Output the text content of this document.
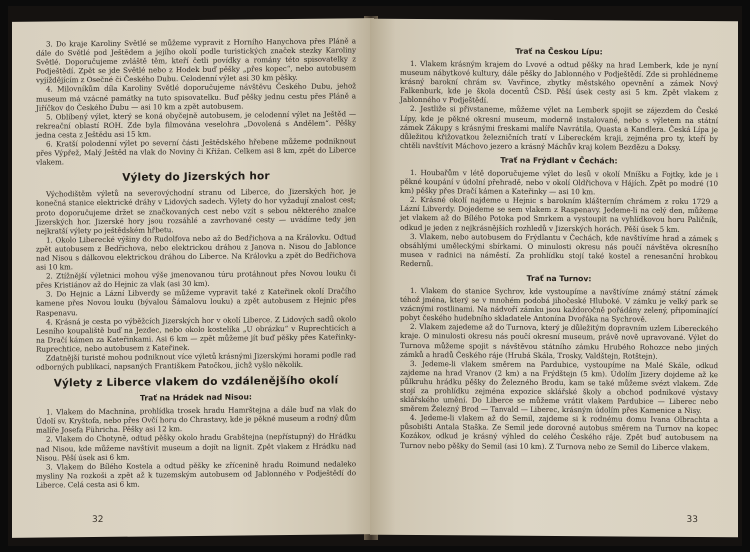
3. Do kraje Karoliny Světlé se můžeme vypravit z Horního Hanychova přes Pláně a dále do Světlé pod Ještědem a jejího okolí podle turistických značek stezky Karoliny Světlé. Doporučujeme zvláště těm, kteří četli povídky a romány této spisovatelky z Podještědí. Zpět se jde Světlé nebo z Hodek buď pěšky „přes kopec“, nebo autobusem vyjíždějícím z Osečné či Českého Dubu. Celodenní výlet asi 30 km pěšky.

4. Milovníkům díla Karoliny Světlé doporučujeme návštěvu Českého Dubu, jehož museum má vzácné památky na tuto spisovatelku. Buď pěšky jednu cestu přes Pláně a Jiříčkov do Českého Dubu — asi 10 km a zpět autobusem.

5. Oblíbený výlet, který se koná obyčejně autobusem, je celodenní výlet na Ještěd — rekreační oblastí ROH. Zde byla filmována veselohra „Dovolená s Andělem“. Pěšky jedna cesta z Ještědu asi 15 km.

6. Kratší polodenní výlet po severní části Ještědského hřebene můžeme podniknout přes Výpřež, Malý Ještěd na vlak do Noviny či Křižan. Celkem asi 8 km, zpět do Liberce vlakem.

Výlety do Jizerských hor

Východištěm výletů na severovýchodní stranu od Liberce, do Jizerských hor, je konečná stanice elektrické dráhy v Lidových sadech. Výlety do hor vyžadují znalost cest; proto doporučujeme držet se značkovaných cest nebo vzít s sebou některého znalce Jizerských hor. Jizerské hory jsou rozsáhlé a zavrhované cesty — uvádíme tedy jen nejkratší výlety po ještědském hřbetu.

1. Okolo Liberecké výšiny do Rudolfova nebo až do Bedřichova a na Královku. Odtud zpět autobusem z Bedřichova, nebo elektrickou dráhou z Janova n. Nisou do Jablonce nad Nisou s dálkovou elektrickou dráhou do Liberce. Na Královku a zpět do Bedřichova asi 10 km.

2. Ztížnější výletnici mohou výše jmenovanou túru protáhnout přes Novou louku či přes Kristiánov až do Hejnic za vlak (asi 30 km).

3. Do Hejnic a Lázní Libverdy se můžeme vypravit také z Kateřinek okolí Dračího kamene přes Novou louku (bývalou Šámalovu louku) a zpět autobusem z Hejnic přes Raspenavu.

4. Krásná je cesta po výběžcích Jizerských hor v okolí Liberce. Z Lidových sadů okolo Lesního koupaliště buď na Jezdec, nebo okolo kostelíka „U obrázku“ v Ruprechticích a na Dračí kámen za Kateřinkami. Asi 6 km — zpět můžeme jít buď pěšky přes Kateřinky-Ruprechtice, nebo autobusem z Kateřinek.

Zdatnější turisté mohou podniknout více výletů krásnými Jizerskými horami podle rad odborných publikací, napsaných Františkem Patočkou, jichž vyšlo několik.

Výlety z Liberce vlakem do vzdálenějšího okolí
Trať na Hrádek nad Nisou:

1. Vlakem do Machnína, prohlídka trosek hradu Hamrštejna a dále buď na vlak do Údolí sv. Kryštofa, nebo přes Ovčí horu do Chrastavy, kde je pěkné museum a rodný dům malíře Josefa Führicha. Pěšky asi 12 km.

2. Vlakem do Chotyně, odtud pěšky okolo hradu Grabštejna (nepřístupný) do Hrádku nad Nisou, kde můžeme navštívit museum a dojít na lignit. Zpět vlakem z Hrádku nad Nisou. Pěší úsek asi 6 km.

3. Vlakem do Bílého Kostela a odtud pěšky ke zřícenině hradu Roimund nedaleko mysliny Na rozkoši a zpět až k tuzemským autobusem od Jablonného v Podještědí do Liberce. Celá cesta asi 6 km.

32
Trať na Českou Lípu:

1. Vlakem krásným krajem do Lvové a odtud pěšky na hrad Lemberk, kde je nyní museum nábytkové kultury, dále pěšky do Jablonného v Podještědí. Zde si prohlédneme krásný barokní chrám sv. Vavřince, zbytky městského opevnění a zámek Nový Falkenburk, kde je škola docentů ČSD. Pěší úsek cesty asi 5 km. Zpět vlakem z Jablonného v Podještědí.

2. Jestliže si přivstaneme, můžeme výlet na Lemberk spojit se zájezdem do České Lípy, kde je pěkné okresní museum, moderně instalované, nebo s výletem na státní zámek Zákupy s krásnými freskami malíře Navrátila, Quasta a Kandlera. Česká Lípa je důležitou křižovatkou železničních tratí v Libereckém kraji, zejména pro ty, kteří by chtěli navštívit Máchovo jezero a krásný Máchův kraj kolem Bezdězu a Doksy.

Trať na Frýdlant v Čechách:

1. Houbařům v létě doporučujeme výlet do lesů v okolí Mníšku a Fojtky, kde je i pěkné koupání v údolní přehradě, nebo v okolí Oldřichova v Hájích. Zpět po modré (10 km) pěšky přes Dračí kámen a Kateřinky — asi 10 km.

2. Krásné okolí najdeme u Hejnic s barokním klášterním chrámem z roku 1729 a Lázní Libverdy. Dojedeme se sem vlakem z Raspenavy. Jedeme-li na celý den, můžeme jet vlakem až do Bílého Potoka pod Smrkem a vystoupit na vyhlídkovou horu Paličník, odkud je jeden z nejkrásnějších rozhledů v Jizerských horách. Pěší úsek 5 km.

3. Vlakem, nebo autobusem do Frýdlantu v Čechách, kde navštívíme hrad a zámek s obsáhlými uměleckými sbírkami. O minulosti okresu nás poučí návštěva okresního musea v radnici na náměstí. Za prohlídku stojí také kostel a renesanční hrobkou Redernů.

Trať na Turnov:

1. Vlakem do stanice Sychrov, kde vystoupíme a navštívíme známý státní zámek téhož jména, který se v mnohém podobá jihočeské Hluboké. V zámku je velký park se vzácnými rostlinami. Na nádvoří zámku jsou každoročně pořádány zelený, připomínající pobyt českého hudebního skladatele Antonína Dvořáka na Sychrově.

2. Vlakem zajedeme až do Turnova, který je důležitým dopravním uzlem Libereckého kraje. O minulosti okresu nás poučí okresní museum, právě nově upravované. Výlet do Turnova můžeme spojit s návštěvou státního zámku Hrubého Rohozce nebo jiných zámků a hradů Českého ráje (Hrubá Skála, Trosky, Valdštejn, Rotštejn).

3. Jedeme-li vlakem směrem na Pardubice, vystoupíme na Malé Skále, odkud zajdeme na hrad Vranov (2 km) a na Frýdštejn (5 km). Údolím Jizery dojdeme až ke půlkruhu hrádku pěšky do Železného Brodu, kam se také můžeme svézt vlakem. Zde stojí za prohlídku zejména expozice sklářské školy a obchod podnikové výstavy sklářského umění. Do Liberce se můžeme vrátit vlakem Pardubice — Liberec nebo směrem Železný Brod — Tanvald — Liberec, krásným údolím přes Kamenice a Nisy.

4. Jedeme-li vlakem až do Semil, zajdeme si k rodnému domu Ivana Olbrachta a působišti Antala Staška. Ze Semil jede dorovné autobus směrem na Turnov na kopec Kozákov, odkud je krásný výhled do celého Českého ráje. Zpět buď autobusem na Turnov nebo pěšky do Semil (asi 10 km). Z Turnova nebo ze Semil do Liberce vlakem.

33
